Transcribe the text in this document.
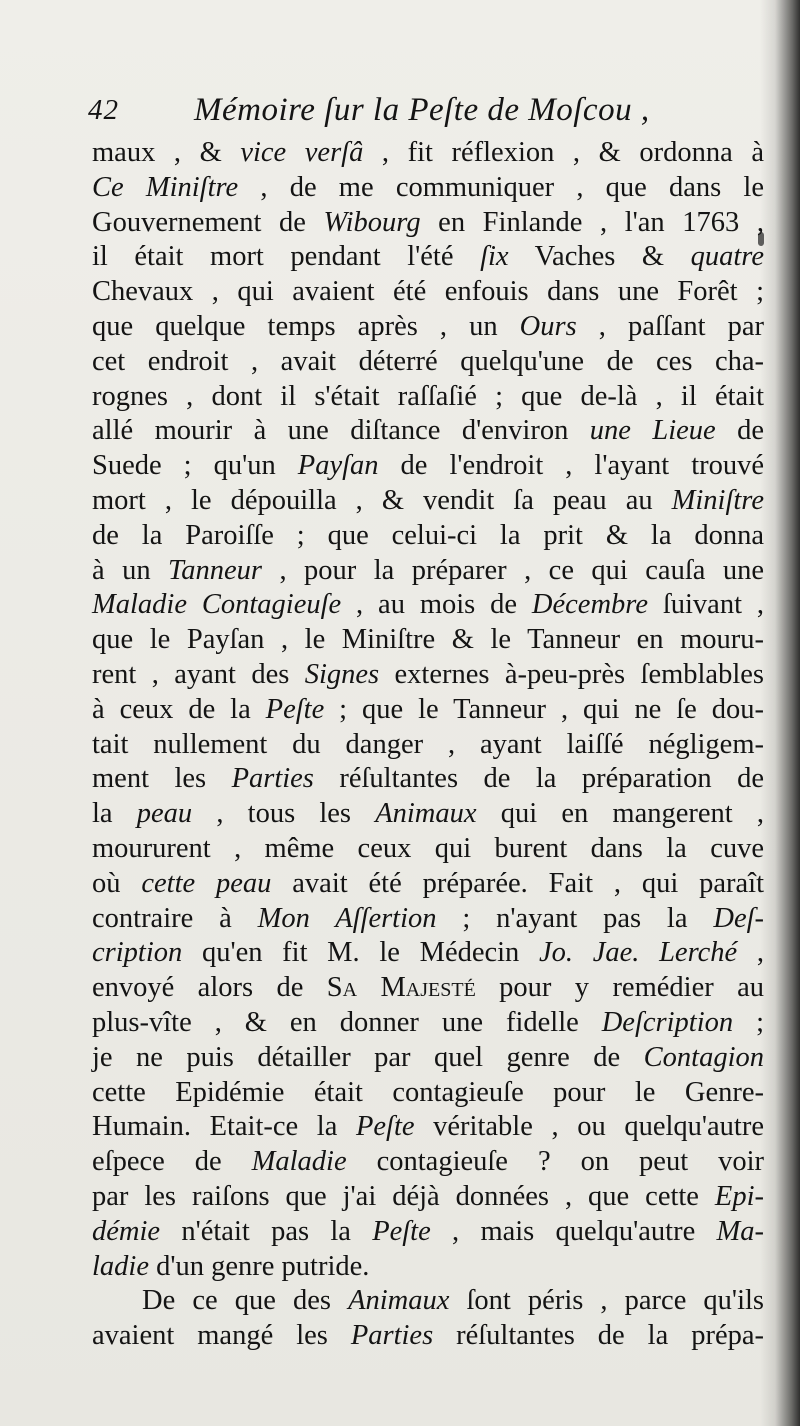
42 Mémoire ſur la Peſte de Moſcou ,
maux , & vice verſâ , fit réflexion , & ordonna à
Ce Miniſtre , de me communiquer , que dans le
Gouvernement de Wibourg en Finlande , l'an 1763 ,
il était mort pendant l'été ſix Vaches & quatre
Chevaux , qui avaient été enfouis dans une Forêt ;
que quelque temps après , un Ours , paſſant par
cet endroit , avait déterré quelqu'une de ces cha-
rognes , dont il s'était raſſaſié ; que de-là , il était
allé mourir à une diſtance d'environ une Lieue de
Suede ; qu'un Payſan de l'endroit , l'ayant trouvé
mort , le dépouilla , & vendit ſa peau au Miniſtre
de la Paroiſſe ; que celui-ci la prit & la donna
à un Tanneur , pour la préparer , ce qui cauſa une
Maladie Contagieuſe , au mois de Décembre ſuivant ,
que le Payſan , le Miniſtre & le Tanneur en mouru-
rent , ayant des Signes externes à-peu-près ſemblables
à ceux de la Peſte ; que le Tanneur , qui ne ſe dou-
tait nullement du danger , ayant laiſſé négligem-
ment les Parties réſultantes de la préparation de
la peau , tous les Animaux qui en mangerent ,
moururent , même ceux qui burent dans la cuve
où cette peau avait été préparée. Fait , qui paraît
contraire à Mon Aſſertion ; n'ayant pas la Deſ-
cription qu'en fit M. le Médecin Jo. Jae. Lerché ,
envoyé alors de Sa Majesté pour y remédier au
plus-vîte , & en donner une fidelle Deſcription ;
je ne puis détailler par quel genre de Contagion
cette Epidémie était contagieuſe pour le Genre-
Humain. Etait-ce la Peſte véritable , ou quelqu'autre
eſpece de Maladie contagieuſe ? on peut voir
par les raiſons que j'ai déjà données , que cette Epi-
démie n'était pas la Peſte , mais quelqu'autre Ma-
ladie d'un genre putride.
De ce que des Animaux ſont péris , parce qu'ils
avaient mangé les Parties réſultantes de la prépa-
